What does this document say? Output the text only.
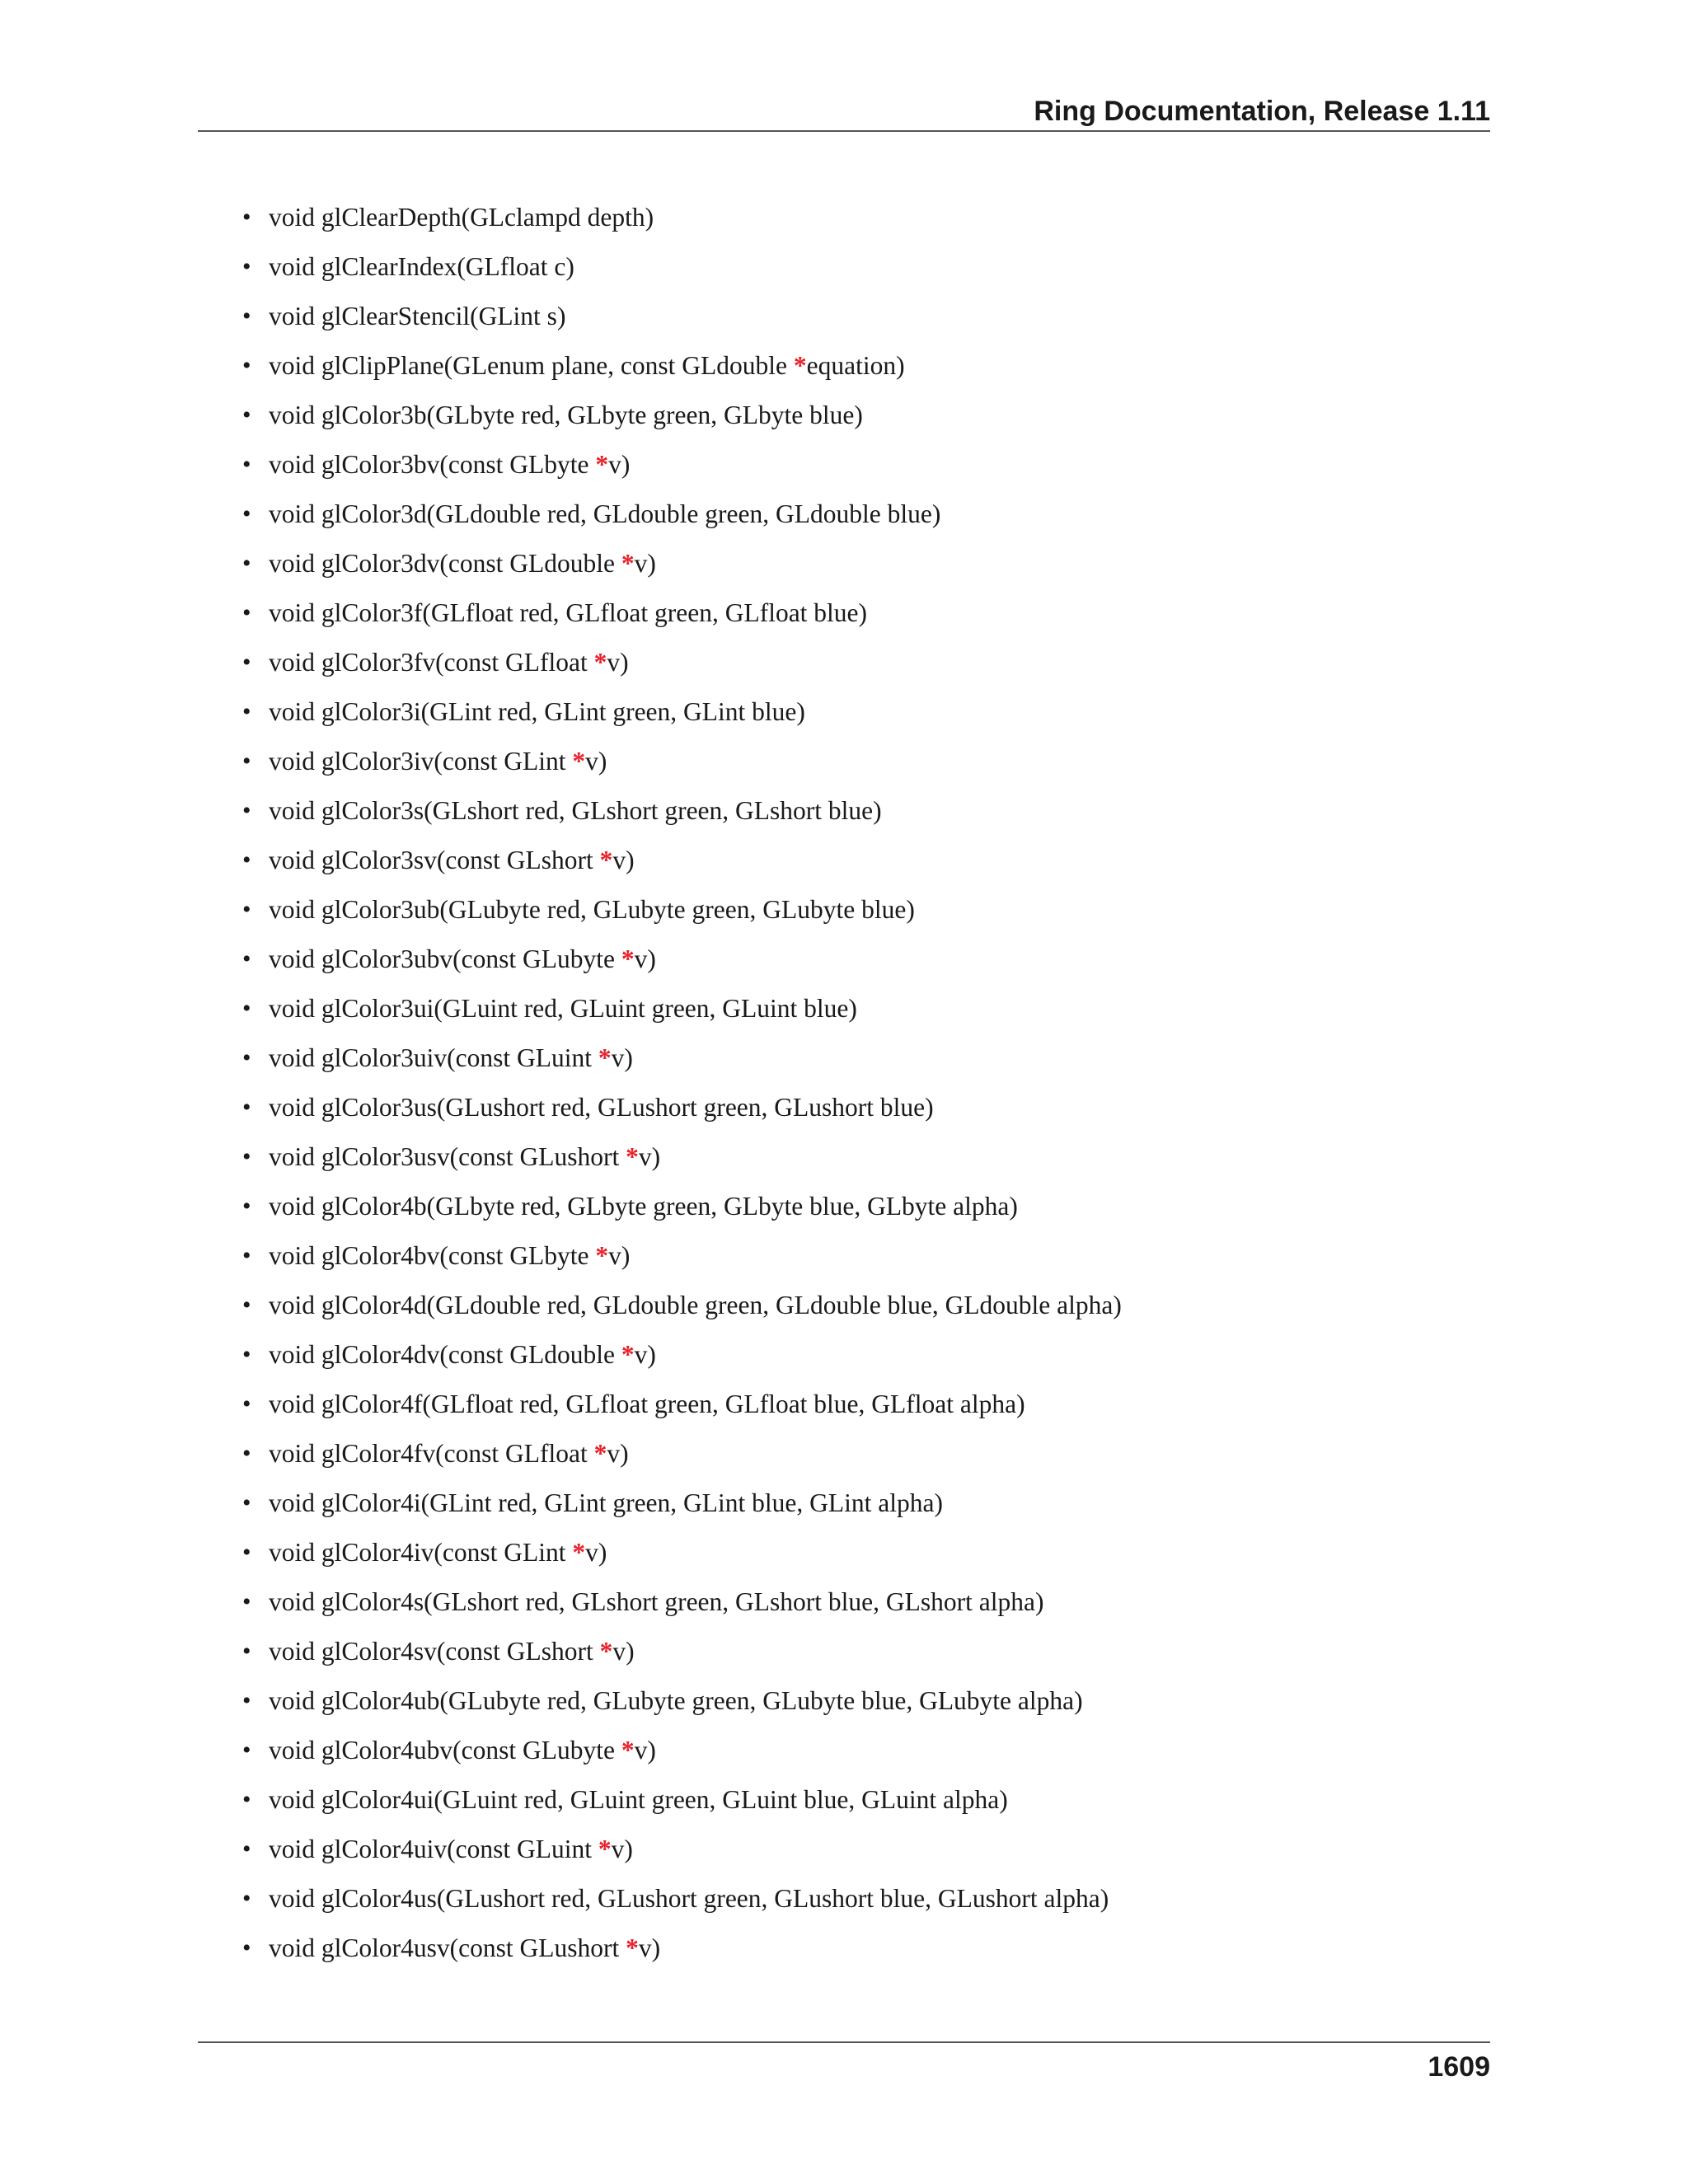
Ring Documentation, Release 1.11
• void glClearDepth(GLclampd depth)
• void glClearIndex(GLfloat c)
• void glClearStencil(GLint s)
• void glClipPlane(GLenum plane, const GLdouble *equation)
• void glColor3b(GLbyte red, GLbyte green, GLbyte blue)
• void glColor3bv(const GLbyte *v)
• void glColor3d(GLdouble red, GLdouble green, GLdouble blue)
• void glColor3dv(const GLdouble *v)
• void glColor3f(GLfloat red, GLfloat green, GLfloat blue)
• void glColor3fv(const GLfloat *v)
• void glColor3i(GLint red, GLint green, GLint blue)
• void glColor3iv(const GLint *v)
• void glColor3s(GLshort red, GLshort green, GLshort blue)
• void glColor3sv(const GLshort *v)
• void glColor3ub(GLubyte red, GLubyte green, GLubyte blue)
• void glColor3ubv(const GLubyte *v)
• void glColor3ui(GLuint red, GLuint green, GLuint blue)
• void glColor3uiv(const GLuint *v)
• void glColor3us(GLushort red, GLushort green, GLushort blue)
• void glColor3usv(const GLushort *v)
• void glColor4b(GLbyte red, GLbyte green, GLbyte blue, GLbyte alpha)
• void glColor4bv(const GLbyte *v)
• void glColor4d(GLdouble red, GLdouble green, GLdouble blue, GLdouble alpha)
• void glColor4dv(const GLdouble *v)
• void glColor4f(GLfloat red, GLfloat green, GLfloat blue, GLfloat alpha)
• void glColor4fv(const GLfloat *v)
• void glColor4i(GLint red, GLint green, GLint blue, GLint alpha)
• void glColor4iv(const GLint *v)
• void glColor4s(GLshort red, GLshort green, GLshort blue, GLshort alpha)
• void glColor4sv(const GLshort *v)
• void glColor4ub(GLubyte red, GLubyte green, GLubyte blue, GLubyte alpha)
• void glColor4ubv(const GLubyte *v)
• void glColor4ui(GLuint red, GLuint green, GLuint blue, GLuint alpha)
• void glColor4uiv(const GLuint *v)
• void glColor4us(GLushort red, GLushort green, GLushort blue, GLushort alpha)
• void glColor4usv(const GLushort *v)
1609
